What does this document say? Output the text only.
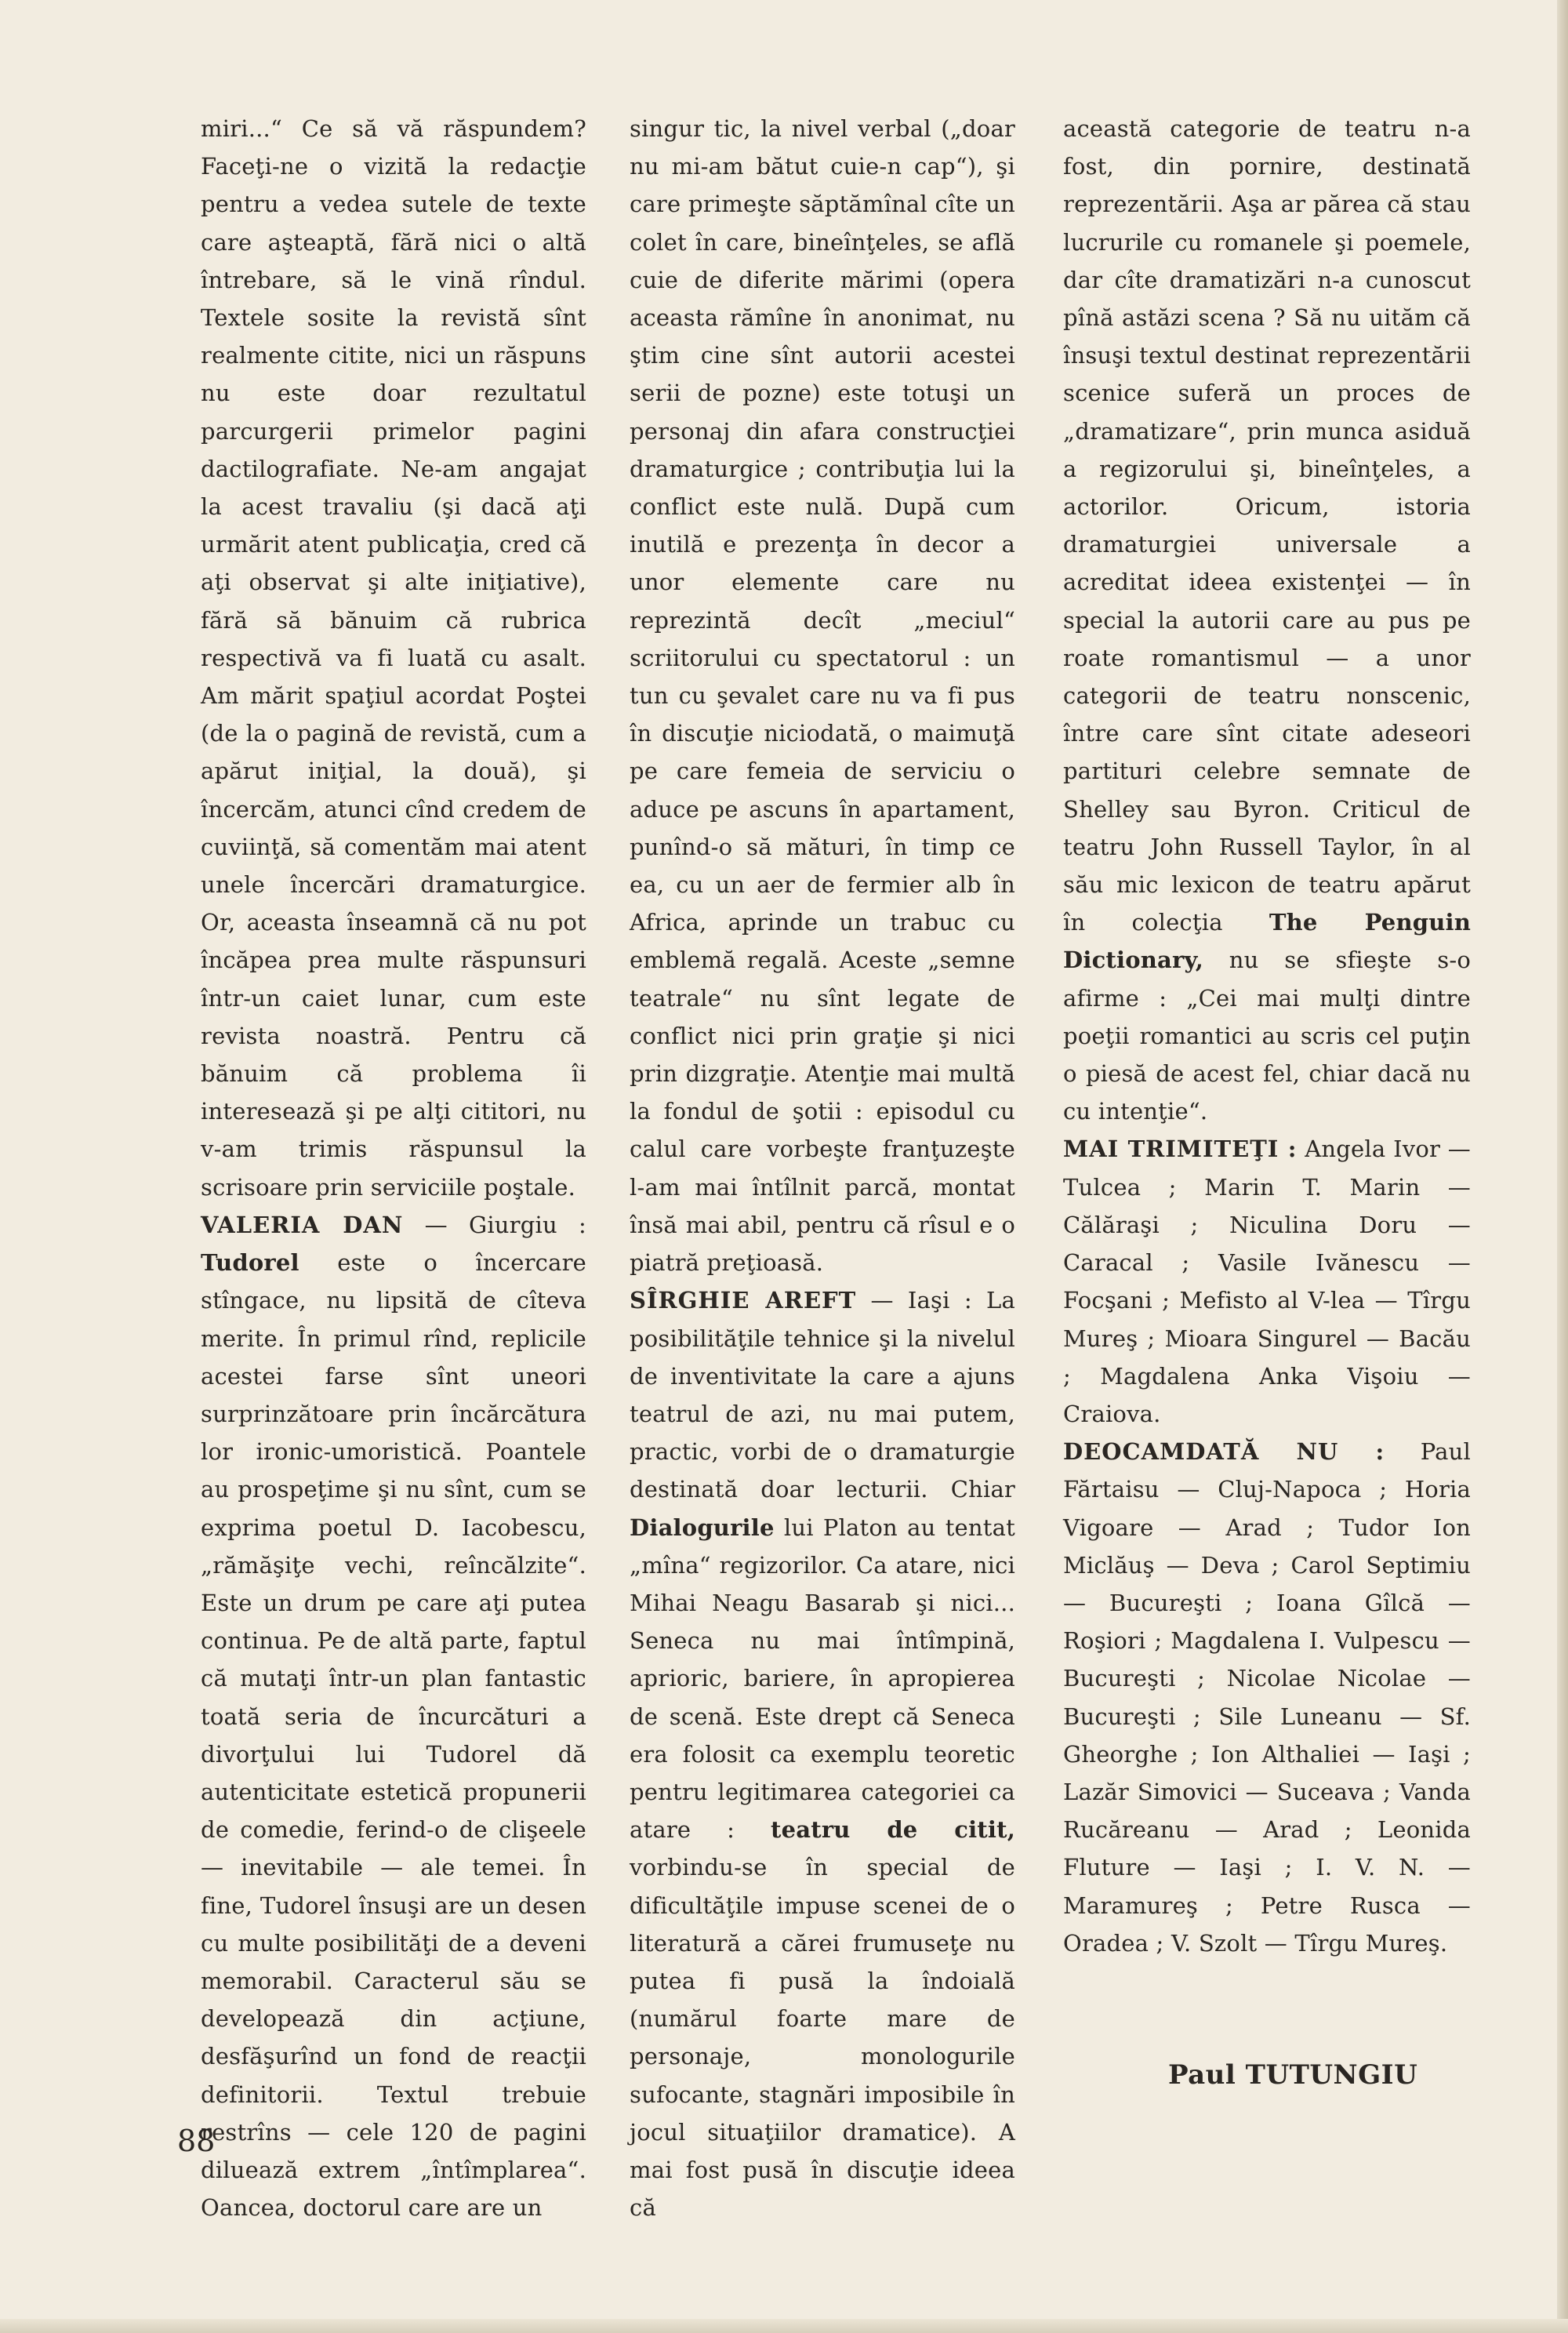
miri...“ Ce să vă răspundem? Faceţi-ne o vizită la redacţie pentru a vedea sutele de texte care aşteaptă, fără nici o altă întrebare, să le vină rîndul. Textele sosite la revistă sînt realmente citite, nici un răspuns nu este doar rezultatul parcurgerii primelor pagini dactilografiate. Ne-am angajat la acest travaliu (şi dacă aţi urmărit atent publicaţia, cred că aţi observat şi alte iniţiative), fără să bănuim că rubrica respectivă va fi luată cu asalt. Am mărit spaţiul acordat Poştei (de la o pagină de revistă, cum a apărut iniţial, la două), şi încercăm, atunci cînd credem de cuviinţă, să comentăm mai atent unele încercări dramaturgice. Or, aceasta înseamnă că nu pot încăpea prea multe răspunsuri într-un caiet lunar, cum este revista noastră. Pentru că bănuim că problema îi interesează şi pe alţi cititori, nu v-am trimis răspunsul la scrisoare prin serviciile poştale.

VALERIA DAN — Giurgiu : Tudorel este o încercare stîngace, nu lipsită de cîteva merite. În primul rînd, replicile acestei farse sînt uneori surprinzătoare prin încărcătura lor ironic-umoristică. Poantele au prospeţime şi nu sînt, cum se exprima poetul D. Iacobescu, „rămăşiţe vechi, reîncălzite“. Este un drum pe care aţi putea continua. Pe de altă parte, faptul că mutaţi într-un plan fantastic toată seria de încurcături a divorţului lui Tudorel dă autenticitate estetică propunerii de comedie, ferind-o de clişeele — inevitabile — ale temei. În fine, Tudorel însuşi are un desen cu multe posibilităţi de a deveni memorabil. Caracterul său se developează din acţiune, desfăşurînd un fond de reacţii definitorii. Textul trebuie restrîns — cele 120 de pagini diluează extrem „întîmplarea“. Oancea, doctorul care are un

singur tic, la nivel verbal („doar nu mi-am bătut cuie-n cap“), şi care primeşte săptămînal cîte un colet în care, bineînţeles, se află cuie de diferite mărimi (opera aceasta rămîne în anonimat, nu ştim cine sînt autorii acestei serii de pozne) este totuşi un personaj din afara construcţiei dramaturgice ; contribuţia lui la conflict este nulă. După cum inutilă e prezenţa în decor a unor elemente care nu reprezintă decît „meciul“ scriitorului cu spectatorul : un tun cu şevalet care nu va fi pus în discuţie niciodată, o maimuţă pe care femeia de serviciu o aduce pe ascuns în apartament, punînd-o să mături, în timp ce ea, cu un aer de fermier alb în Africa, aprinde un trabuc cu emblemă regală. Aceste „semne teatrale“ nu sînt legate de conflict nici prin graţie şi nici prin dizgraţie. Atenţie mai multă la fondul de şotii : episodul cu calul care vorbeşte franţuzeşte l-am mai întîlnit parcă, montat însă mai abil, pentru că rîsul e o piatră preţioasă.

SÎRGHIE AREFT — Iaşi : La posibilităţile tehnice şi la nivelul de inventivitate la care a ajuns teatrul de azi, nu mai putem, practic, vorbi de o dramaturgie destinată doar lecturii. Chiar Dialogurile lui Platon au tentat „mîna“ regizorilor. Ca atare, nici Mihai Neagu Basarab şi nici... Seneca nu mai întîmpină, aprioric, bariere, în apropierea de scenă. Este drept că Seneca era folosit ca exemplu teoretic pentru legitimarea categoriei ca atare : teatru de citit, vorbindu-se în special de dificultăţile impuse scenei de o literatură a cărei frumuseţe nu putea fi pusă la îndoială (numărul foarte mare de personaje, monologurile sufocante, stagnări imposibile în jocul situaţiilor dramatice). A mai fost pusă în discuţie ideea că

această categorie de teatru n-a fost, din pornire, destinată reprezentării. Aşa ar părea că stau lucrurile cu romanele şi poemele, dar cîte dramatizări n-a cunoscut pînă astăzi scena ? Să nu uităm că însuşi textul destinat reprezentării scenice suferă un proces de „dramatizare“, prin munca asiduă a regizorului şi, bineînţeles, a actorilor. Oricum, istoria dramaturgiei universale a acreditat ideea existenţei — în special la autorii care au pus pe roate romantismul — a unor categorii de teatru nonscenic, între care sînt citate adeseori partituri celebre semnate de Shelley sau Byron. Criticul de teatru John Russell Taylor, în al său mic lexicon de teatru apărut în colecţia The Penguin Dictionary, nu se sfieşte s-o afirme : „Cei mai mulţi dintre poeţii romantici au scris cel puţin o piesă de acest fel, chiar dacă nu cu intenţie“.

MAI TRIMITEŢI : Angela Ivor — Tulcea ; Marin T. Marin — Călăraşi ; Niculina Doru — Caracal ; Vasile Ivănescu — Focşani ; Mefisto al V-lea — Tîrgu Mureş ; Mioara Singurel — Bacău ; Magdalena Anka Vişoiu — Craiova.

DEOCAMDATĂ NU : Paul Fărtaisu — Cluj-Napoca ; Horia Vigoare — Arad ; Tudor Ion Miclăuş — Deva ; Carol Septimiu — Bucureşti ; Ioana Gîlcă — Roşiori ; Magdalena I. Vulpescu — Bucureşti ; Nicolae Nicolae — Bucureşti ; Sile Luneanu — Sf. Gheorghe ; Ion Althaliei — Iaşi ; Lazăr Simovici — Suceava ; Vanda Rucăreanu — Arad ; Leonida Fluture — Iaşi ; I. V. N. — Maramureş ; Petre Rusca — Oradea ; V. Szolt — Tîrgu Mureş.

Paul TUTUNGIU
88
